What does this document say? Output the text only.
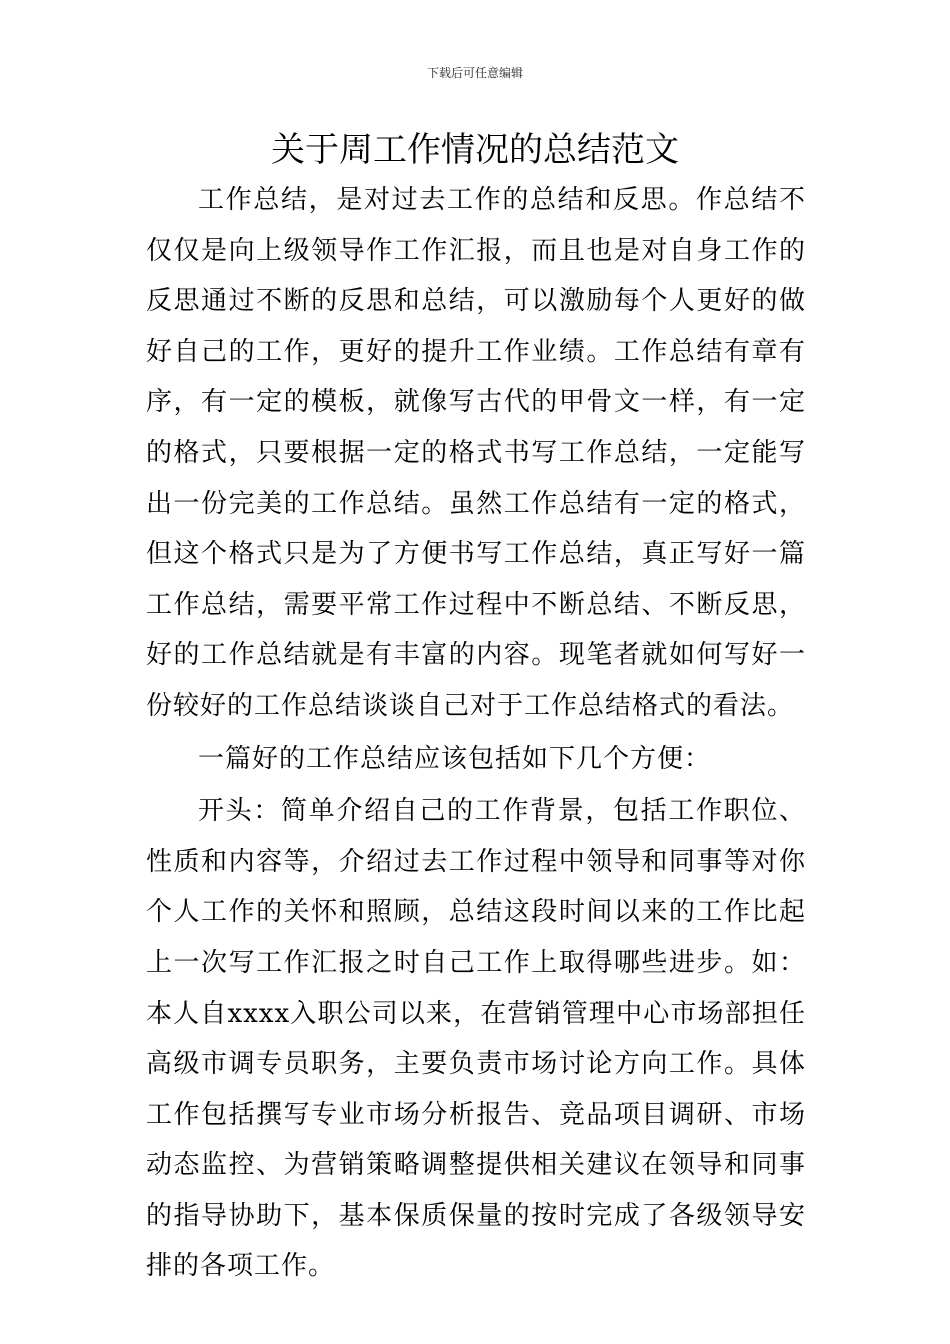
下载后可任意编辑
关于周工作情况的总结范文

工作总结，是对过去工作的总结和反思。作总结不仅仅是向上级领导作工作汇报，而且也是对自身工作的反思通过不断的反思和总结，可以激励每个人更好的做好自己的工作，更好的提升工作业绩。工作总结有章有序，有一定的模板，就像写古代的甲骨文一样，有一定的格式，只要根据一定的格式书写工作总结，一定能写出一份完美的工作总结。虽然工作总结有一定的格式，但这个格式只是为了方便书写工作总结，真正写好一篇工作总结，需要平常工作过程中不断总结、不断反思，好的工作总结就是有丰富的内容。现笔者就如何写好一份较好的工作总结谈谈自己对于工作总结格式的看法。

一篇好的工作总结应该包括如下几个方便：

开头：简单介绍自己的工作背景，包括工作职位、性质和内容等，介绍过去工作过程中领导和同事等对你个人工作的关怀和照顾，总结这段时间以来的工作比起上一次写工作汇报之时自己工作上取得哪些进步。如：本人自xxxx入职公司以来，在营销管理中心市场部担任高级市调专员职务，主要负责市场讨论方向工作。具体工作包括撰写专业市场分析报告、竞品项目调研、市场动态监控、为营销策略调整提供相关建议在领导和同事的指导协助下，基本保质保量的按时完成了各级领导安排的各项工作。
